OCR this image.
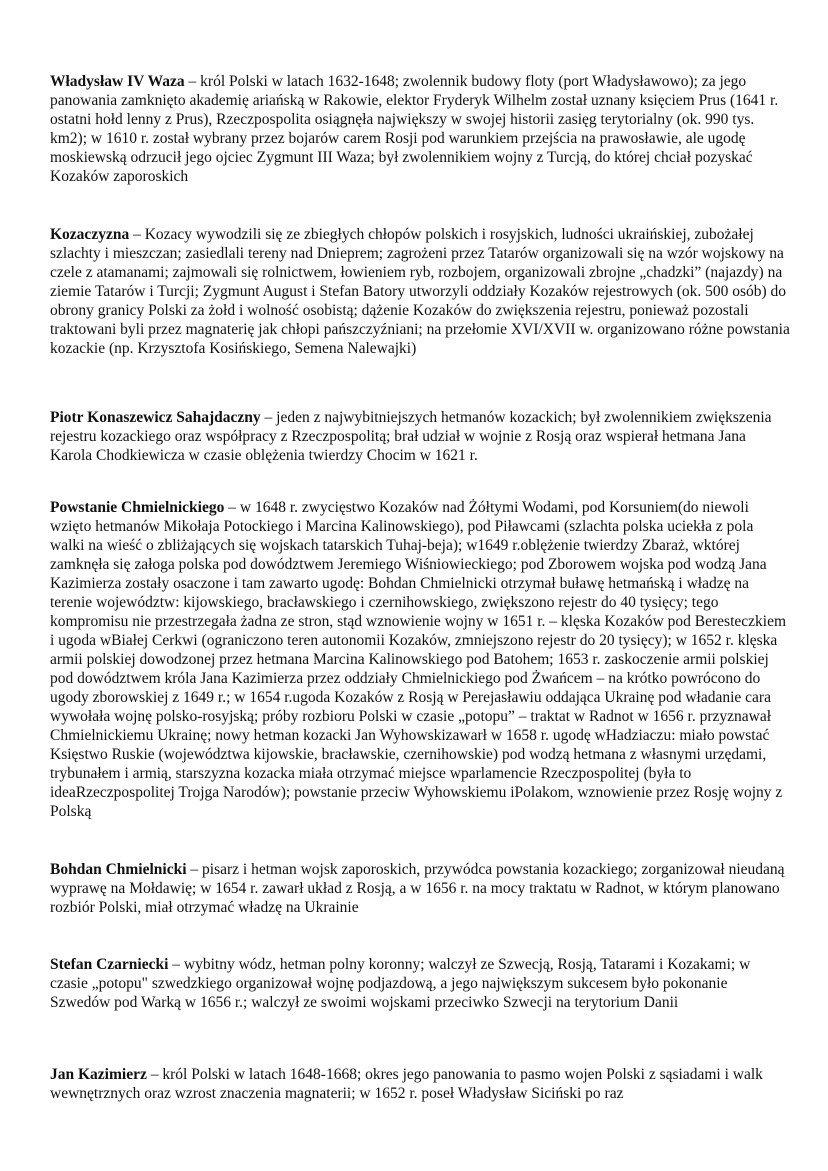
Władysław IV Waza – król Polski w latach 1632-1648; zwolennik budowy floty (port Władysławowo); za jego panowania zamknięto akademię ariańską w Rakowie, elektor Fryderyk Wilhelm został uznany księciem Prus (1641 r. ostatni hołd lenny z Prus), Rzeczpospolita osiągnęła największy w swojej historii zasięg terytorialny (ok. 990 tys. km2); w 1610 r. został wybrany przez bojarów carem Rosji pod warunkiem przejścia na prawosławie, ale ugodę moskiewską odrzucił jego ojciec Zygmunt III Waza; był zwolennikiem wojny z Turcją, do której chciał pozyskać Kozaków zaporoskich

Kozaczyzna – Kozacy wywodzili się ze zbiegłych chłopów polskich i rosyjskich, ludności ukraińskiej, zubożałej szlachty i mieszczan; zasiedlali tereny nad Dnieprem; zagrożeni przez Tatarów organizowali się na wzór wojskowy na czele z atamanami; zajmowali się rolnictwem, łowieniem ryb, rozbojem, organizowali zbrojne „chadzki” (najazdy) na ziemie Tatarów i Turcji; Zygmunt August i Stefan Batory utworzyli oddziały Kozaków rejestrowych (ok. 500 osób) do obrony granicy Polski za żołd i wolność osobistą; dążenie Kozaków do zwiększenia rejestru, ponieważ pozostali traktowani byli przez magnaterię jak chłopi pańszczyźniani; na przełomie XVI/XVII w. organizowano różne powstania kozackie (np. Krzysztofa Kosińskiego, Semena Nalewajki)

Piotr Konaszewicz Sahajdaczny – jeden z najwybitniejszych hetmanów kozackich; był zwolennikiem zwiększenia rejestru kozackiego oraz współpracy z Rzeczpospolitą; brał udział w wojnie z Rosją oraz wspierał hetmana Jana Karola Chodkiewicza w czasie oblężenia twierdzy Chocim w 1621 r.

Powstanie Chmielnickiego – w 1648 r. zwycięstwo Kozaków nad Żółtymi Wodami, pod Korsuniem(do niewoli wzięto hetmanów Mikołaja Potockiego i Marcina Kalinowskiego), pod Piławcami (szlachta polska uciekła z pola walki na wieść o zbliżających się wojskach tatarskich Tuhaj-beja); w1649 r.oblężenie twierdzy Zbaraż, wktórej zamknęła się załoga polska pod dowództwem Jeremiego Wiśniowieckiego; pod Zborowem wojska pod wodzą Jana Kazimierza zostały osaczone i tam zawarto ugodę: Bohdan Chmielnicki otrzymał buławę hetmańską i władzę na terenie województw: kijowskiego, bracławskiego i czernihowskiego, zwiększono rejestr do 40 tysięcy; tego kompromisu nie przestrzegała żadna ze stron, stąd wznowienie wojny w 1651 r. – klęska Kozaków pod Beresteczkiem i ugoda wBiałej Cerkwi (ograniczono teren autonomii Kozaków, zmniejszono rejestr do 20 tysięcy); w 1652 r. klęska armii polskiej dowodzonej przez hetmana Marcina Kalinowskiego pod Batohem; 1653 r. zaskoczenie armii polskiej pod dowództwem króla Jana Kazimierza przez oddziały Chmielnickiego pod Żwańcem – na krótko powrócono do ugody zborowskiej z 1649 r.; w 1654 r.ugoda Kozaków z Rosją w Perejasławiu oddająca Ukrainę pod władanie cara wywołała wojnę polsko-rosyjską; próby rozbioru Polski w czasie „potopu” – traktat w Radnot w 1656 r. przyznawał Chmielnickiemu Ukrainę; nowy hetman kozacki Jan Wyhowskizawarł w 1658 r. ugodę wHadziaczu: miało powstać Księstwo Ruskie (województwa kijowskie, bracławskie, czernihowskie) pod wodzą hetmana z własnymi urzędami, trybunałem i armią, starszyzna kozacka miała otrzymać miejsce wparlamencie Rzeczpospolitej (była to ideaRzeczpospolitej Trojga Narodów); powstanie przeciw Wyhowskiemu iPolakom, wznowienie przez Rosję wojny z Polską

Bohdan Chmielnicki – pisarz i hetman wojsk zaporoskich, przywódca powstania kozackiego; zorganizował nieudaną wyprawę na Mołdawię; w 1654 r. zawarł układ z Rosją, a w 1656 r. na mocy traktatu w Radnot, w którym planowano rozbiór Polski, miał otrzymać władzę na Ukrainie

Stefan Czarniecki – wybitny wódz, hetman polny koronny; walczył ze Szwecją, Rosją, Tatarami i Kozakami; w czasie „potopu" szwedzkiego organizował wojnę podjazdową, a jego największym sukcesem było pokonanie Szwedów pod Warką w 1656 r.; walczył ze swoimi wojskami przeciwko Szwecji na terytorium Danii

Jan Kazimierz – król Polski w latach 1648-1668; okres jego panowania to pasmo wojen Polski z sąsiadami i walk wewnętrznych oraz wzrost znaczenia magnaterii; w 1652 r. poseł Władysław Siciński po raz
